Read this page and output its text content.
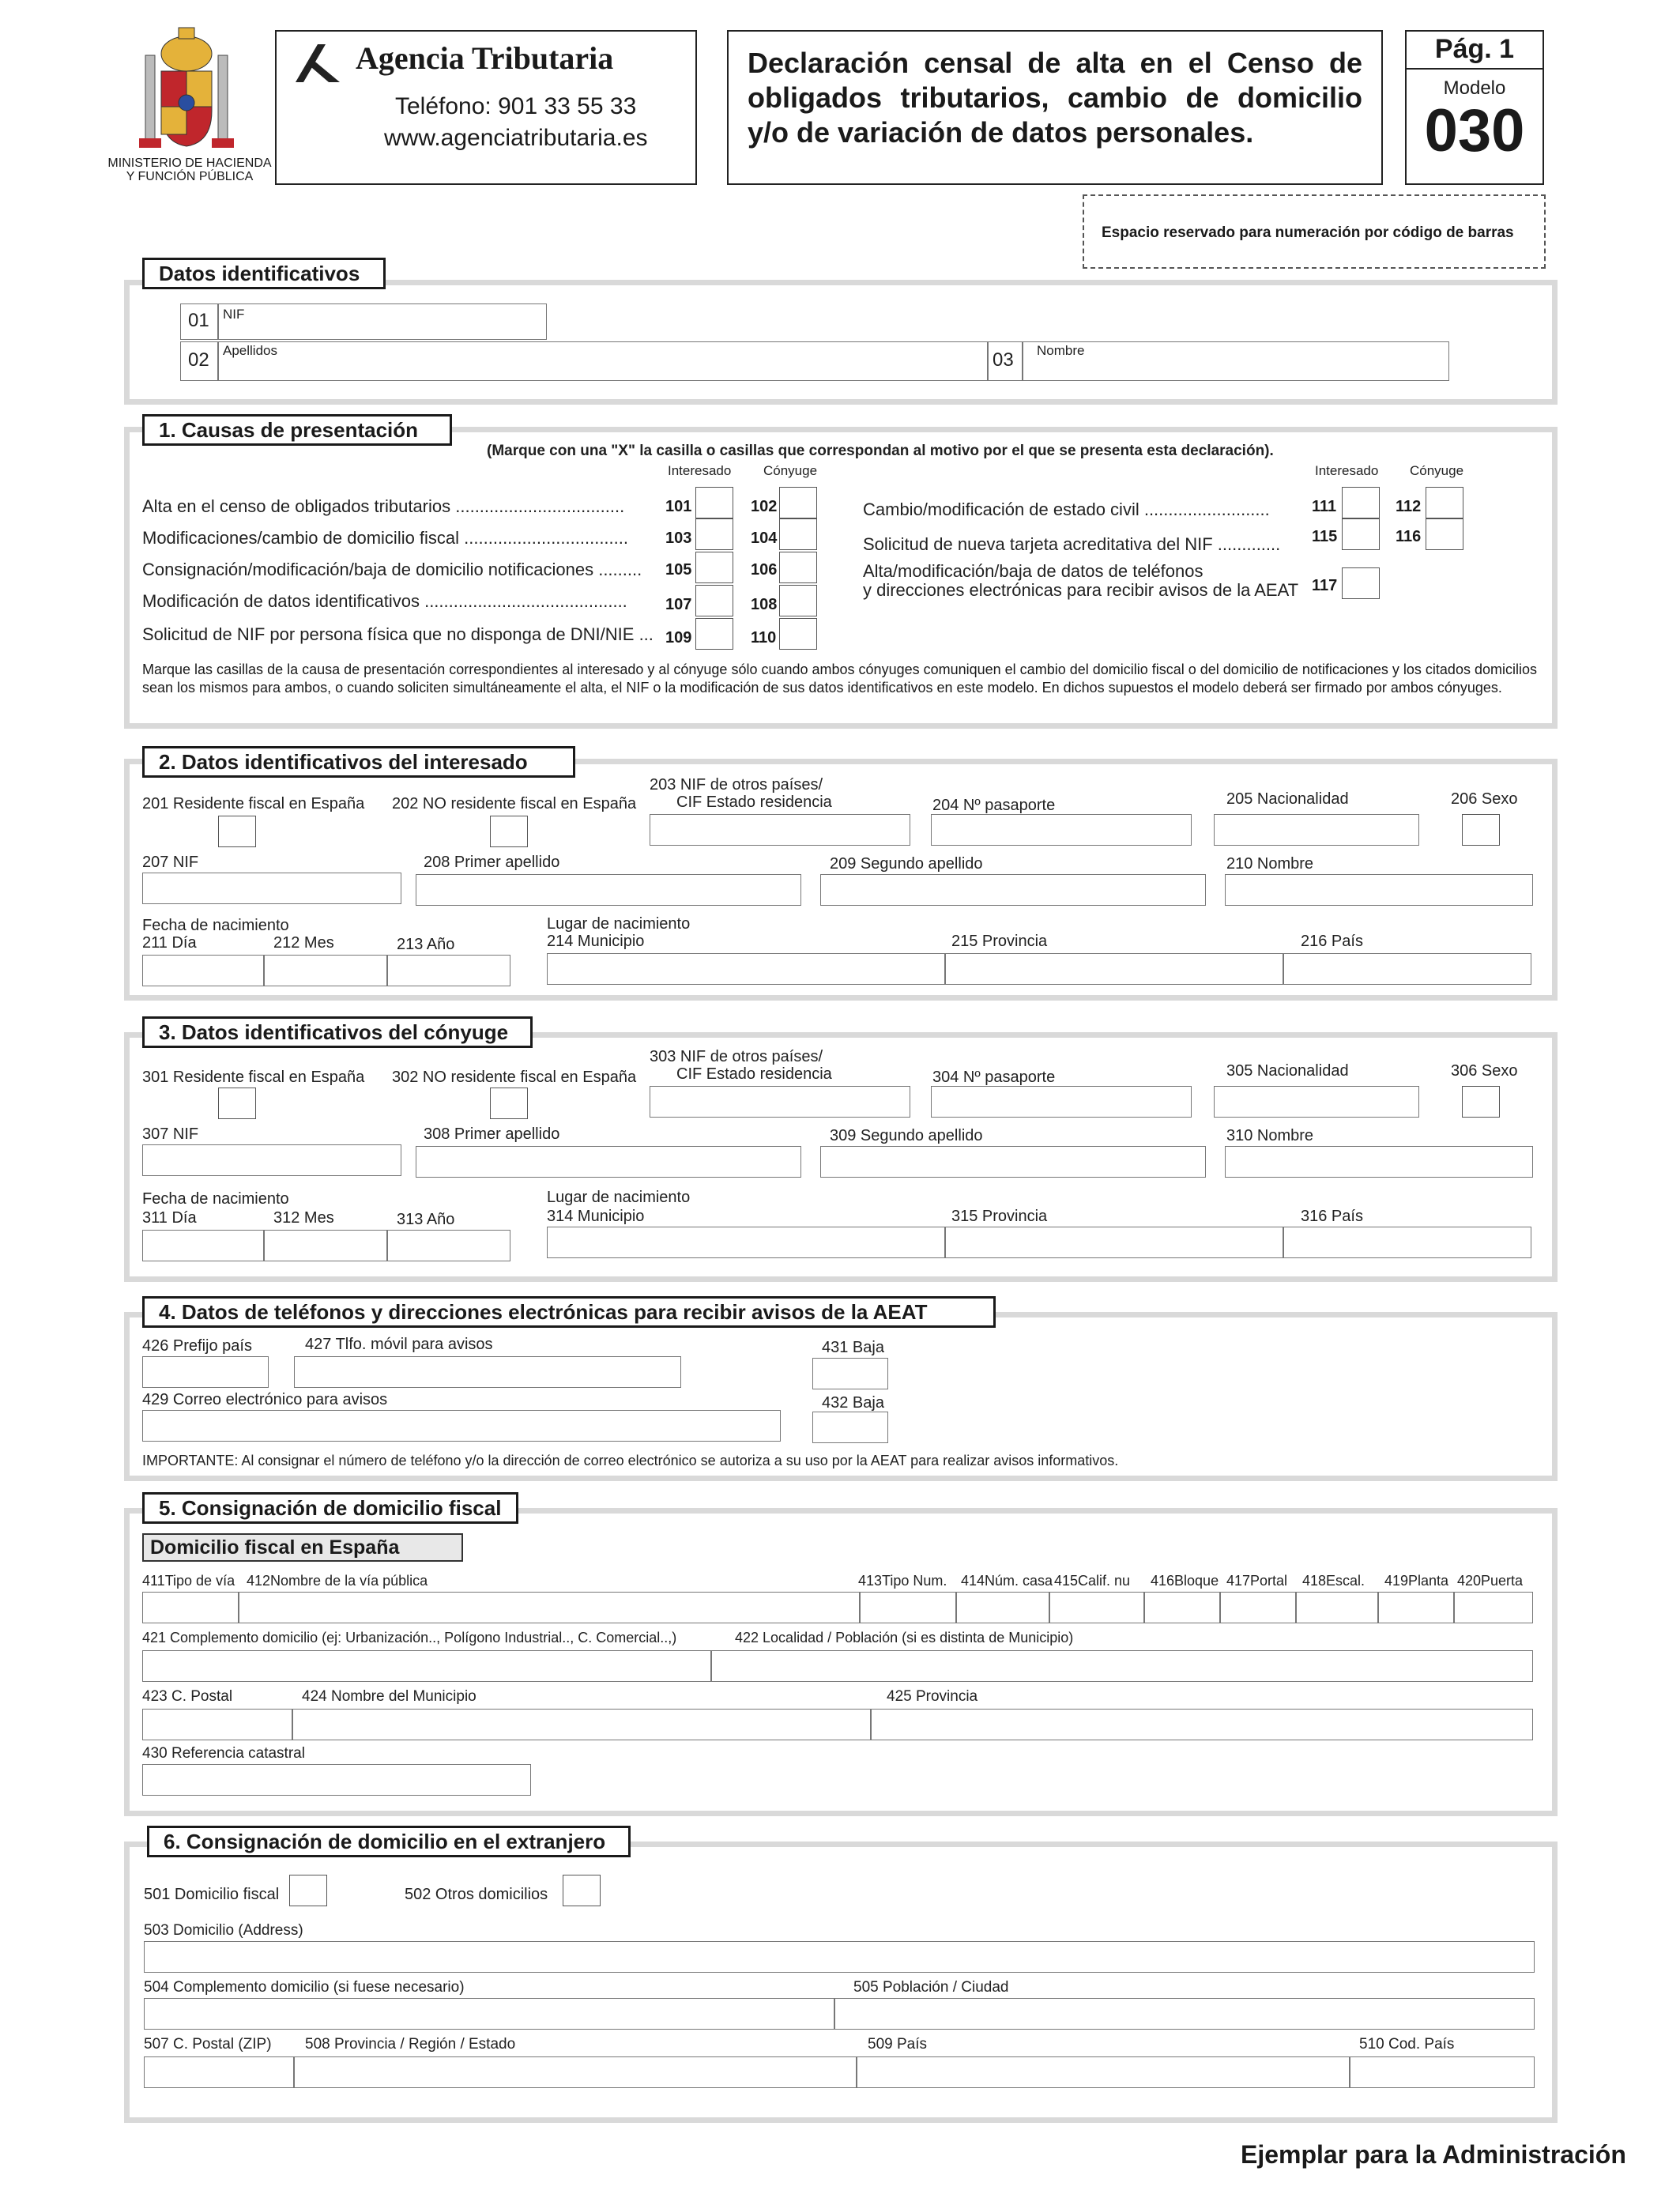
MINISTERIO DE HACIENDA
Y FUNCIÓN PÚBLICA
Agencia Tributaria
Teléfono: 901 33 55 33
www.agenciatributaria.es
Declaración censal de alta en el Censo de obligados tributarios, cambio de domicilio y/o de variación de datos personales.
Pág. 1
Modelo
030
Espacio reservado para numeración por código de barras
Datos identificativos
01 NIF
02 Apellidos	03 Nombre
1. Causas de presentación
(Marque con una "X" la casilla o casillas que correspondan al motivo por el que se presenta esta declaración).
Interesado Cónyuge	Interesado Cónyuge
Alta en el censo de obligados tributarios ...................................	101	102
Modificaciones/cambio de domicilio fiscal .................................. 103	104
Consignación/modificación/baja de domicilio notificaciones ......... 105	106
Modificación de datos identificativos .......................................... 107	108
Solicitud de NIF por persona física que no disponga de DNI/NIE ... 109	110
Cambio/modificación de estado civil ..........................	111	112
Solicitud de nueva tarjeta acreditativa del NIF ............. 115	116
Alta/modificación/baja de datos de teléfonos
y direcciones electrónicas para recibir avisos de la AEAT 117
Marque las casillas de la causa de presentación correspondientes al interesado y al cónyuge sólo cuando ambos cónyuges comuniquen el cambio del domicilio fiscal o del domicilio de notificaciones y los citados domicilios sean los mismos para ambos, o cuando soliciten simultáneamente el alta, el NIF o la modificación de sus datos identificativos en este modelo. En dichos supuestos el modelo deberá ser firmado por ambos cónyuges.
2. Datos identificativos del interesado
201 Residente fiscal en España 202 NO residente fiscal en España
203 NIF de otros países/
CIF Estado residencia	204 Nº pasaporte	205 Nacionalidad	206 Sexo
207 NIF	208 Primer apellido	209 Segundo apellido	210 Nombre
Fecha de nacimiento
211 Día	212 Mes	213 Año
Lugar de nacimiento
214 Municipio	215 Provincia	216 País
3. Datos identificativos del cónyuge
301 Residente fiscal en España 302 NO residente fiscal en España
303 NIF de otros países/
CIF Estado residencia	304 Nº pasaporte	305 Nacionalidad	306 Sexo
307 NIF	308 Primer apellido	309 Segundo apellido	310 Nombre
Fecha de nacimiento
311 Día	312 Mes	313 Año
Lugar de nacimiento
314 Municipio	315 Provincia	316 País
4. Datos de teléfonos y direcciones electrónicas para recibir avisos de la AEAT
426 Prefijo país	427 Tlfo. móvil para avisos	431 Baja
429 Correo electrónico para avisos	432 Baja
IMPORTANTE: Al consignar el número de teléfono y/o la dirección de correo electrónico se autoriza a su uso por la AEAT para realizar avisos informativos.
5. Consignación de domicilio fiscal
Domicilio fiscal en España
411Tipo de vía 412Nombre de la vía pública	413Tipo Num. 414Núm. casa 415Calif. nu 416Bloque 417Portal 418Escal. 419Planta 420Puerta
421 Complemento domicilio (ej: Urbanización.., Polígono Industrial.., C. Comercial..,)	422 Localidad / Población (si es distinta de Municipio)
423 C. Postal	424 Nombre del Municipio	425 Provincia
430 Referencia catastral
6. Consignación de domicilio en el extranjero
501 Domicilio fiscal	502 Otros domicilios
503 Domicilio (Address)
504 Complemento domicilio (si fuese necesario)	505 Población / Ciudad
507 C. Postal (ZIP) 508 Provincia / Región / Estado	509 País	510 Cod. País
Ejemplar para la Administración
